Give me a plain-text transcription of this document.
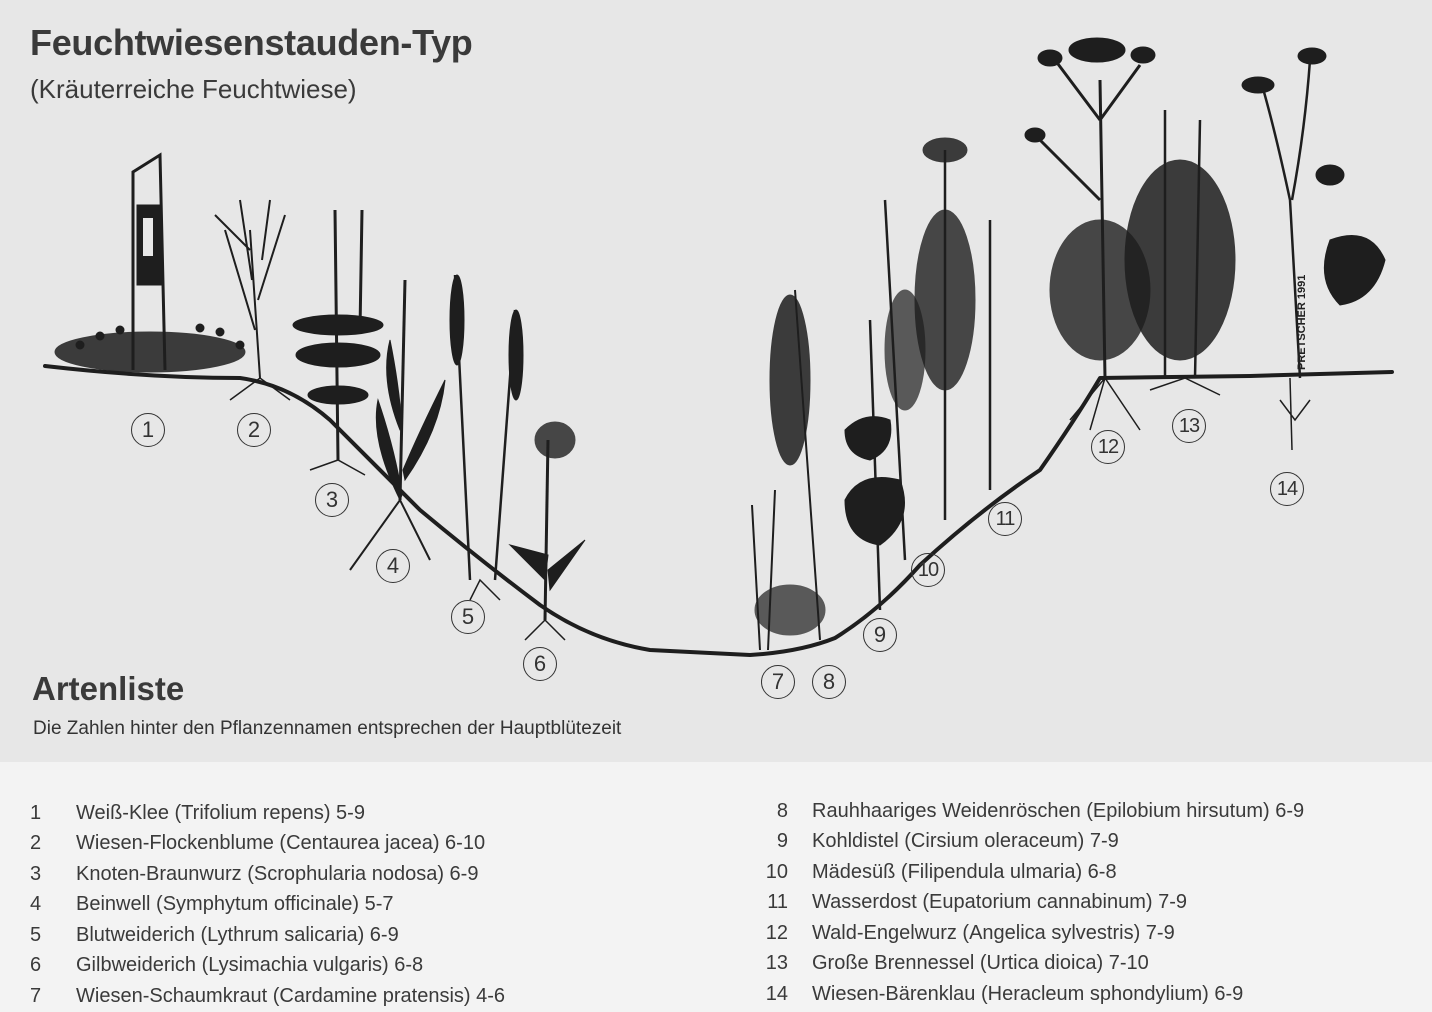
Feuchtwiesenstauden-Typ
(Kräuterreiche Feuchtwiese)
PRETSCHER 1991
1	2
3
4
5
6
7	8
9
10
11
12
13
14
Artenliste
Die Zahlen hinter den Pflanzennamen entsprechen der Hauptblütezeit
1	Weiß-Klee (Trifolium repens) 5-9
2	Wiesen-Flockenblume (Centaurea jacea) 6-10
3	Knoten-Braunwurz (Scrophularia nodosa) 6-9
4	Beinwell (Symphytum officinale) 5-7
5	Blutweiderich (Lythrum salicaria) 6-9
6	Gilbweiderich (Lysimachia vulgaris) 6-8
7	Wiesen-Schaumkraut (Cardamine pratensis) 4-6
8 Rauhhaariges Weidenröschen (Epilobium hirsutum) 6-9
9 Kohldistel (Cirsium oleraceum) 7-9
10 Mädesüß (Filipendula ulmaria) 6-8
11 Wasserdost (Eupatorium cannabinum) 7-9
12 Wald-Engelwurz (Angelica sylvestris) 7-9
13 Große Brennessel (Urtica dioica) 7-10
14 Wiesen-Bärenklau (Heracleum sphondylium) 6-9
